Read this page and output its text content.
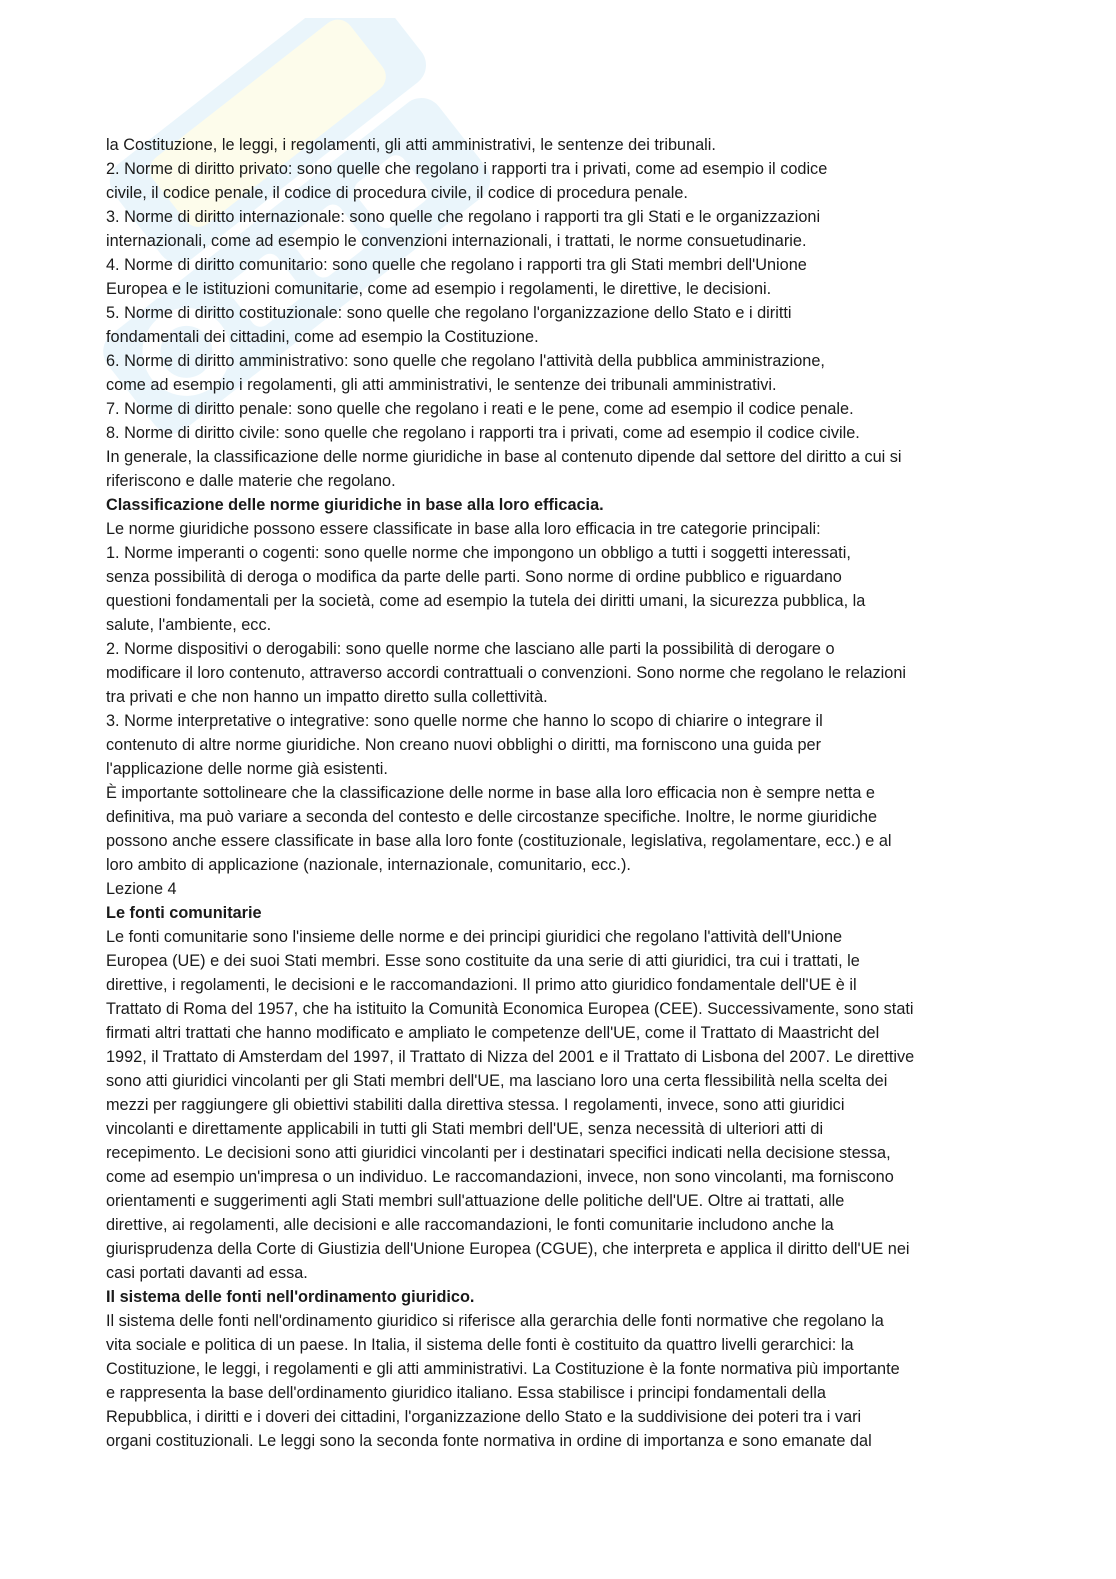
la Costituzione, le leggi, i regolamenti, gli atti amministrativi, le sentenze dei tribunali.
2. Norme di diritto privato: sono quelle che regolano i rapporti tra i privati, come ad esempio il codice
civile, il codice penale, il codice di procedura civile, il codice di procedura penale.
3. Norme di diritto internazionale: sono quelle che regolano i rapporti tra gli Stati e le organizzazioni
internazionali, come ad esempio le convenzioni internazionali, i trattati, le norme consuetudinarie.
4. Norme di diritto comunitario: sono quelle che regolano i rapporti tra gli Stati membri dell'Unione
Europea e le istituzioni comunitarie, come ad esempio i regolamenti, le direttive, le decisioni.
5. Norme di diritto costituzionale: sono quelle che regolano l'organizzazione dello Stato e i diritti
fondamentali dei cittadini, come ad esempio la Costituzione.
6. Norme di diritto amministrativo: sono quelle che regolano l'attività della pubblica amministrazione,
come ad esempio i regolamenti, gli atti amministrativi, le sentenze dei tribunali amministrativi.
7. Norme di diritto penale: sono quelle che regolano i reati e le pene, come ad esempio il codice penale.
8. Norme di diritto civile: sono quelle che regolano i rapporti tra i privati, come ad esempio il codice civile.
In generale, la classificazione delle norme giuridiche in base al contenuto dipende dal settore del diritto a cui si
riferiscono e dalle materie che regolano.
Classificazione delle norme giuridiche in base alla loro efficacia.
Le norme giuridiche possono essere classificate in base alla loro efficacia in tre categorie principali:
1. Norme imperanti o cogenti: sono quelle norme che impongono un obbligo a tutti i soggetti interessati,
senza possibilità di deroga o modifica da parte delle parti. Sono norme di ordine pubblico e riguardano
questioni fondamentali per la società, come ad esempio la tutela dei diritti umani, la sicurezza pubblica, la
salute, l'ambiente, ecc.
2. Norme dispositivi o derogabili: sono quelle norme che lasciano alle parti la possibilità di derogare o
modificare il loro contenuto, attraverso accordi contrattuali o convenzioni. Sono norme che regolano le relazioni
tra privati e che non hanno un impatto diretto sulla collettività.
3. Norme interpretative o integrative: sono quelle norme che hanno lo scopo di chiarire o integrare il
contenuto di altre norme giuridiche. Non creano nuovi obblighi o diritti, ma forniscono una guida per
l'applicazione delle norme già esistenti.
È importante sottolineare che la classificazione delle norme in base alla loro efficacia non è sempre netta e
definitiva, ma può variare a seconda del contesto e delle circostanze specifiche. Inoltre, le norme giuridiche
possono anche essere classificate in base alla loro fonte (costituzionale, legislativa, regolamentare, ecc.) e al
loro ambito di applicazione (nazionale, internazionale, comunitario, ecc.).
Lezione 4
Le fonti comunitarie
Le fonti comunitarie sono l'insieme delle norme e dei principi giuridici che regolano l'attività dell'Unione
Europea (UE) e dei suoi Stati membri. Esse sono costituite da una serie di atti giuridici, tra cui i trattati, le
direttive, i regolamenti, le decisioni e le raccomandazioni. Il primo atto giuridico fondamentale dell'UE è il
Trattato di Roma del 1957, che ha istituito la Comunità Economica Europea (CEE). Successivamente, sono stati
firmati altri trattati che hanno modificato e ampliato le competenze dell'UE, come il Trattato di Maastricht del
1992, il Trattato di Amsterdam del 1997, il Trattato di Nizza del 2001 e il Trattato di Lisbona del 2007. Le direttive
sono atti giuridici vincolanti per gli Stati membri dell'UE, ma lasciano loro una certa flessibilità nella scelta dei
mezzi per raggiungere gli obiettivi stabiliti dalla direttiva stessa. I regolamenti, invece, sono atti giuridici
vincolanti e direttamente applicabili in tutti gli Stati membri dell'UE, senza necessità di ulteriori atti di
recepimento. Le decisioni sono atti giuridici vincolanti per i destinatari specifici indicati nella decisione stessa,
come ad esempio un'impresa o un individuo. Le raccomandazioni, invece, non sono vincolanti, ma forniscono
orientamenti e suggerimenti agli Stati membri sull'attuazione delle politiche dell'UE. Oltre ai trattati, alle
direttive, ai regolamenti, alle decisioni e alle raccomandazioni, le fonti comunitarie includono anche la
giurisprudenza della Corte di Giustizia dell'Unione Europea (CGUE), che interpreta e applica il diritto dell'UE nei
casi portati davanti ad essa.
Il sistema delle fonti nell'ordinamento giuridico.
Il sistema delle fonti nell'ordinamento giuridico si riferisce alla gerarchia delle fonti normative che regolano la
vita sociale e politica di un paese. In Italia, il sistema delle fonti è costituito da quattro livelli gerarchici: la
Costituzione, le leggi, i regolamenti e gli atti amministrativi. La Costituzione è la fonte normativa più importante
e rappresenta la base dell'ordinamento giuridico italiano. Essa stabilisce i principi fondamentali della
Repubblica, i diritti e i doveri dei cittadini, l'organizzazione dello Stato e la suddivisione dei poteri tra i vari
organi costituzionali. Le leggi sono la seconda fonte normativa in ordine di importanza e sono emanate dal
